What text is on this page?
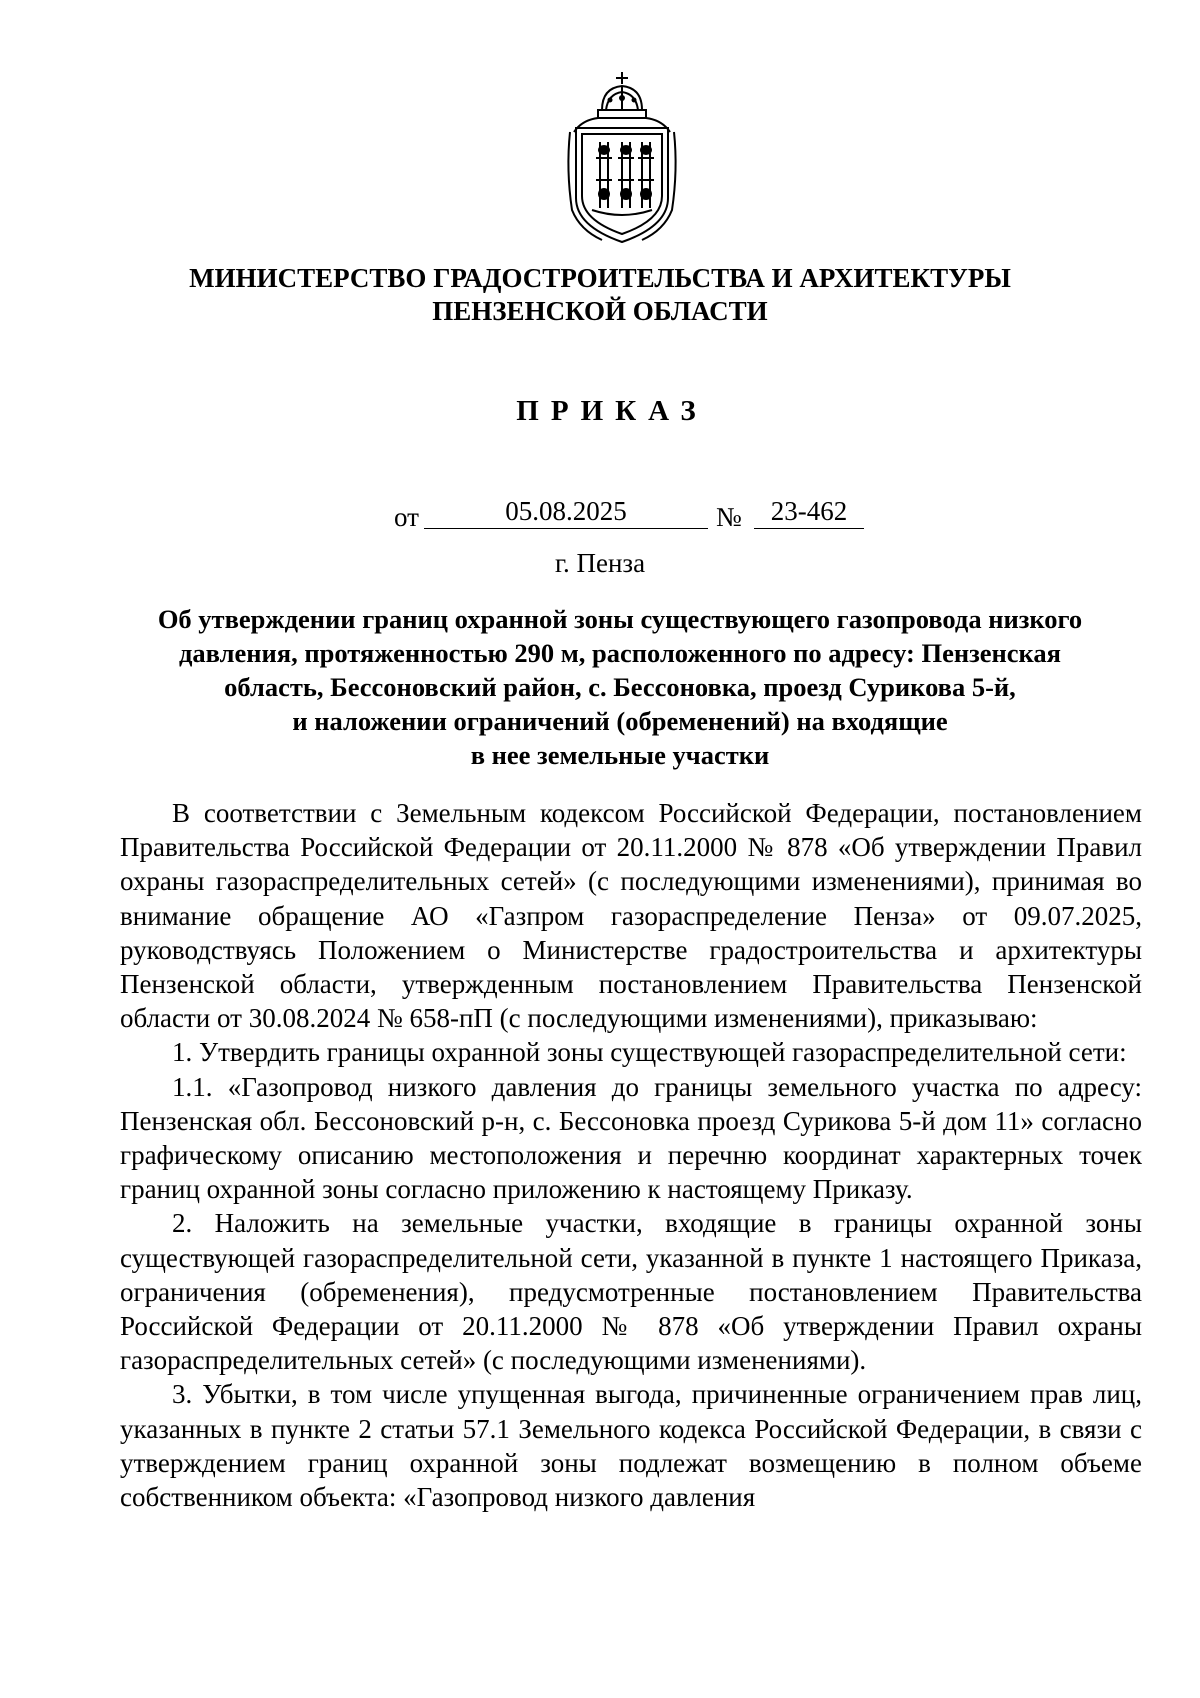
МИНИСТЕРСТВО ГРАДОСТРОИТЕЛЬСТВА И АРХИТЕКТУРЫ
ПЕНЗЕНСКОЙ ОБЛАСТИ
ПРИКАЗ
от	05.08.2025	№	23-462
г. Пенза
Об утверждении границ охранной зоны существующего газопровода низкого
давления, протяженностью 290 м, расположенного по адресу: Пензенская
область, Бессоновский район, с. Бессоновка, проезд Сурикова 5-й,
и наложении ограничений (обременений) на входящие
в нее земельные участки

В соответствии с Земельным кодексом Российской Федерации, постановлением Правительства Российской Федерации от 20.11.2000 № 878 «Об утверждении Правил охраны газораспределительных сетей» (с последующими изменениями), принимая во внимание обращение АО «Газпром газораспределение Пенза» от 09.07.2025, руководствуясь Положением о Министерстве градостроительства и архитектуры Пензенской области, утвержденным постановлением Правительства Пензенской области от 30.08.2024 № 658-пП (с последующими изменениями), приказываю:

1. Утвердить границы охранной зоны существующей газораспределительной сети:

1.1. «Газопровод низкого давления до границы земельного участка по адресу: Пензенская обл. Бессоновский р-н, с. Бессоновка проезд Сурикова 5-й дом 11» согласно графическому описанию местоположения и перечню координат характерных точек границ охранной зоны согласно приложению к настоящему Приказу.

2. Наложить на земельные участки, входящие в границы охранной зоны существующей газораспределительной сети, указанной в пункте 1 настоящего Приказа, ограничения (обременения), предусмотренные постановлением Правительства Российской Федерации от 20.11.2000 № 878 «Об утверждении Правил охраны газораспределительных сетей» (с последующими изменениями).

3. Убытки, в том числе упущенная выгода, причиненные ограничением прав лиц, указанных в пункте 2 статьи 57.1 Земельного кодекса Российской Федерации, в связи с утверждением границ охранной зоны подлежат возмещению в полном объеме собственником объекта: «Газопровод низкого давления
